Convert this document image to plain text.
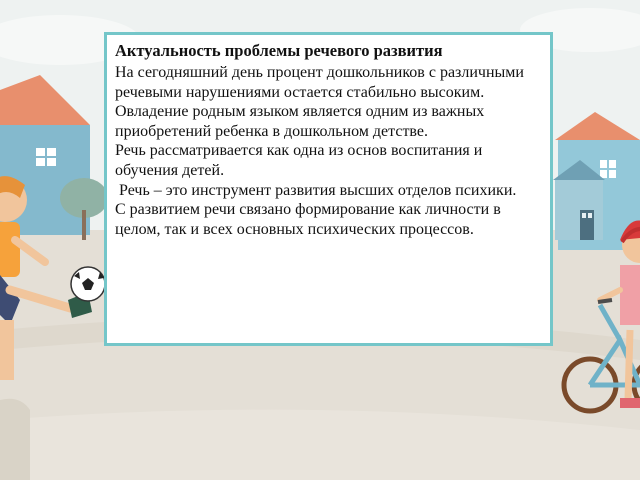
Актуальность проблемы речевого развития

На сегодняшний день процент дошкольников с различными речевыми нарушениями остается стабильно высоким. Овладение родным языком является одним из важных приобретений ребенка в дошкольном детстве.

Речь рассматривается как одна из основ воспитания и обучения детей.

Речь – это инструмент развития высших отделов психики.

С развитием речи связано формирование как личности в целом, так и всех основных психических процессов.
